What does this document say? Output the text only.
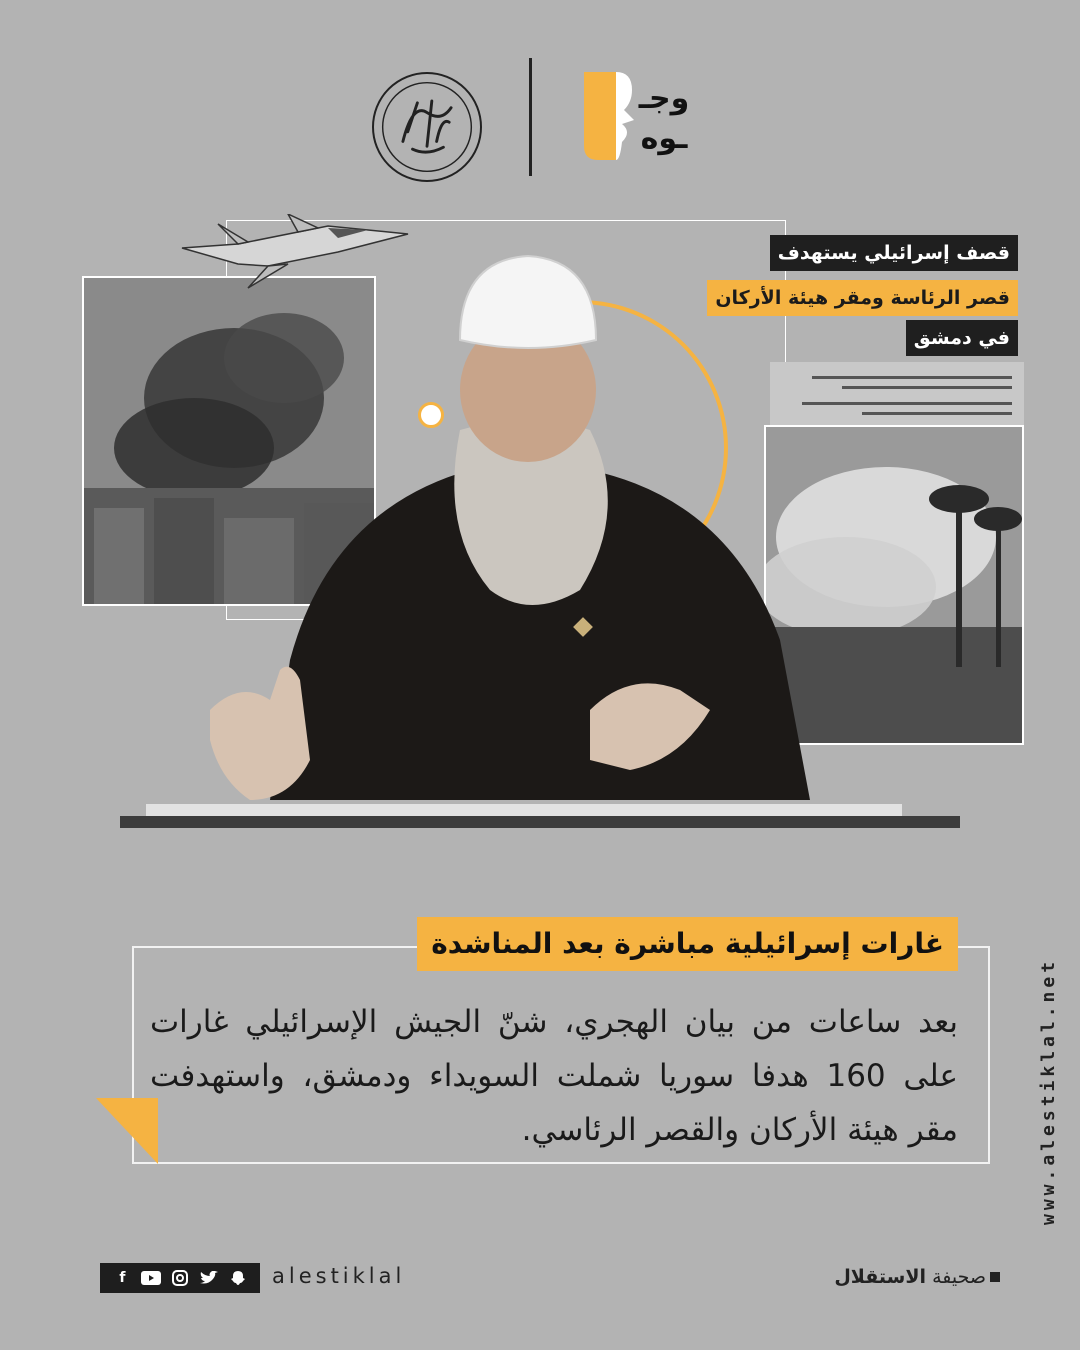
وجـ
ـوه
قصف إسرائيلي يستهدف
قصر الرئاسة ومقر هيئة الأركان
في دمشق
غارات إسرائيلية مباشرة بعد المناشدة
بعد ساعات من بيان الهجري، شنّ الجيش الإسرائيلي غارات على 160 هدفا سوريا شملت السويداء ودمشق، واستهدفت مقر هيئة الأركان والقصر الرئاسي.	www.alestiklal.net
f	alestiklal	صحيفة الاستقلال
